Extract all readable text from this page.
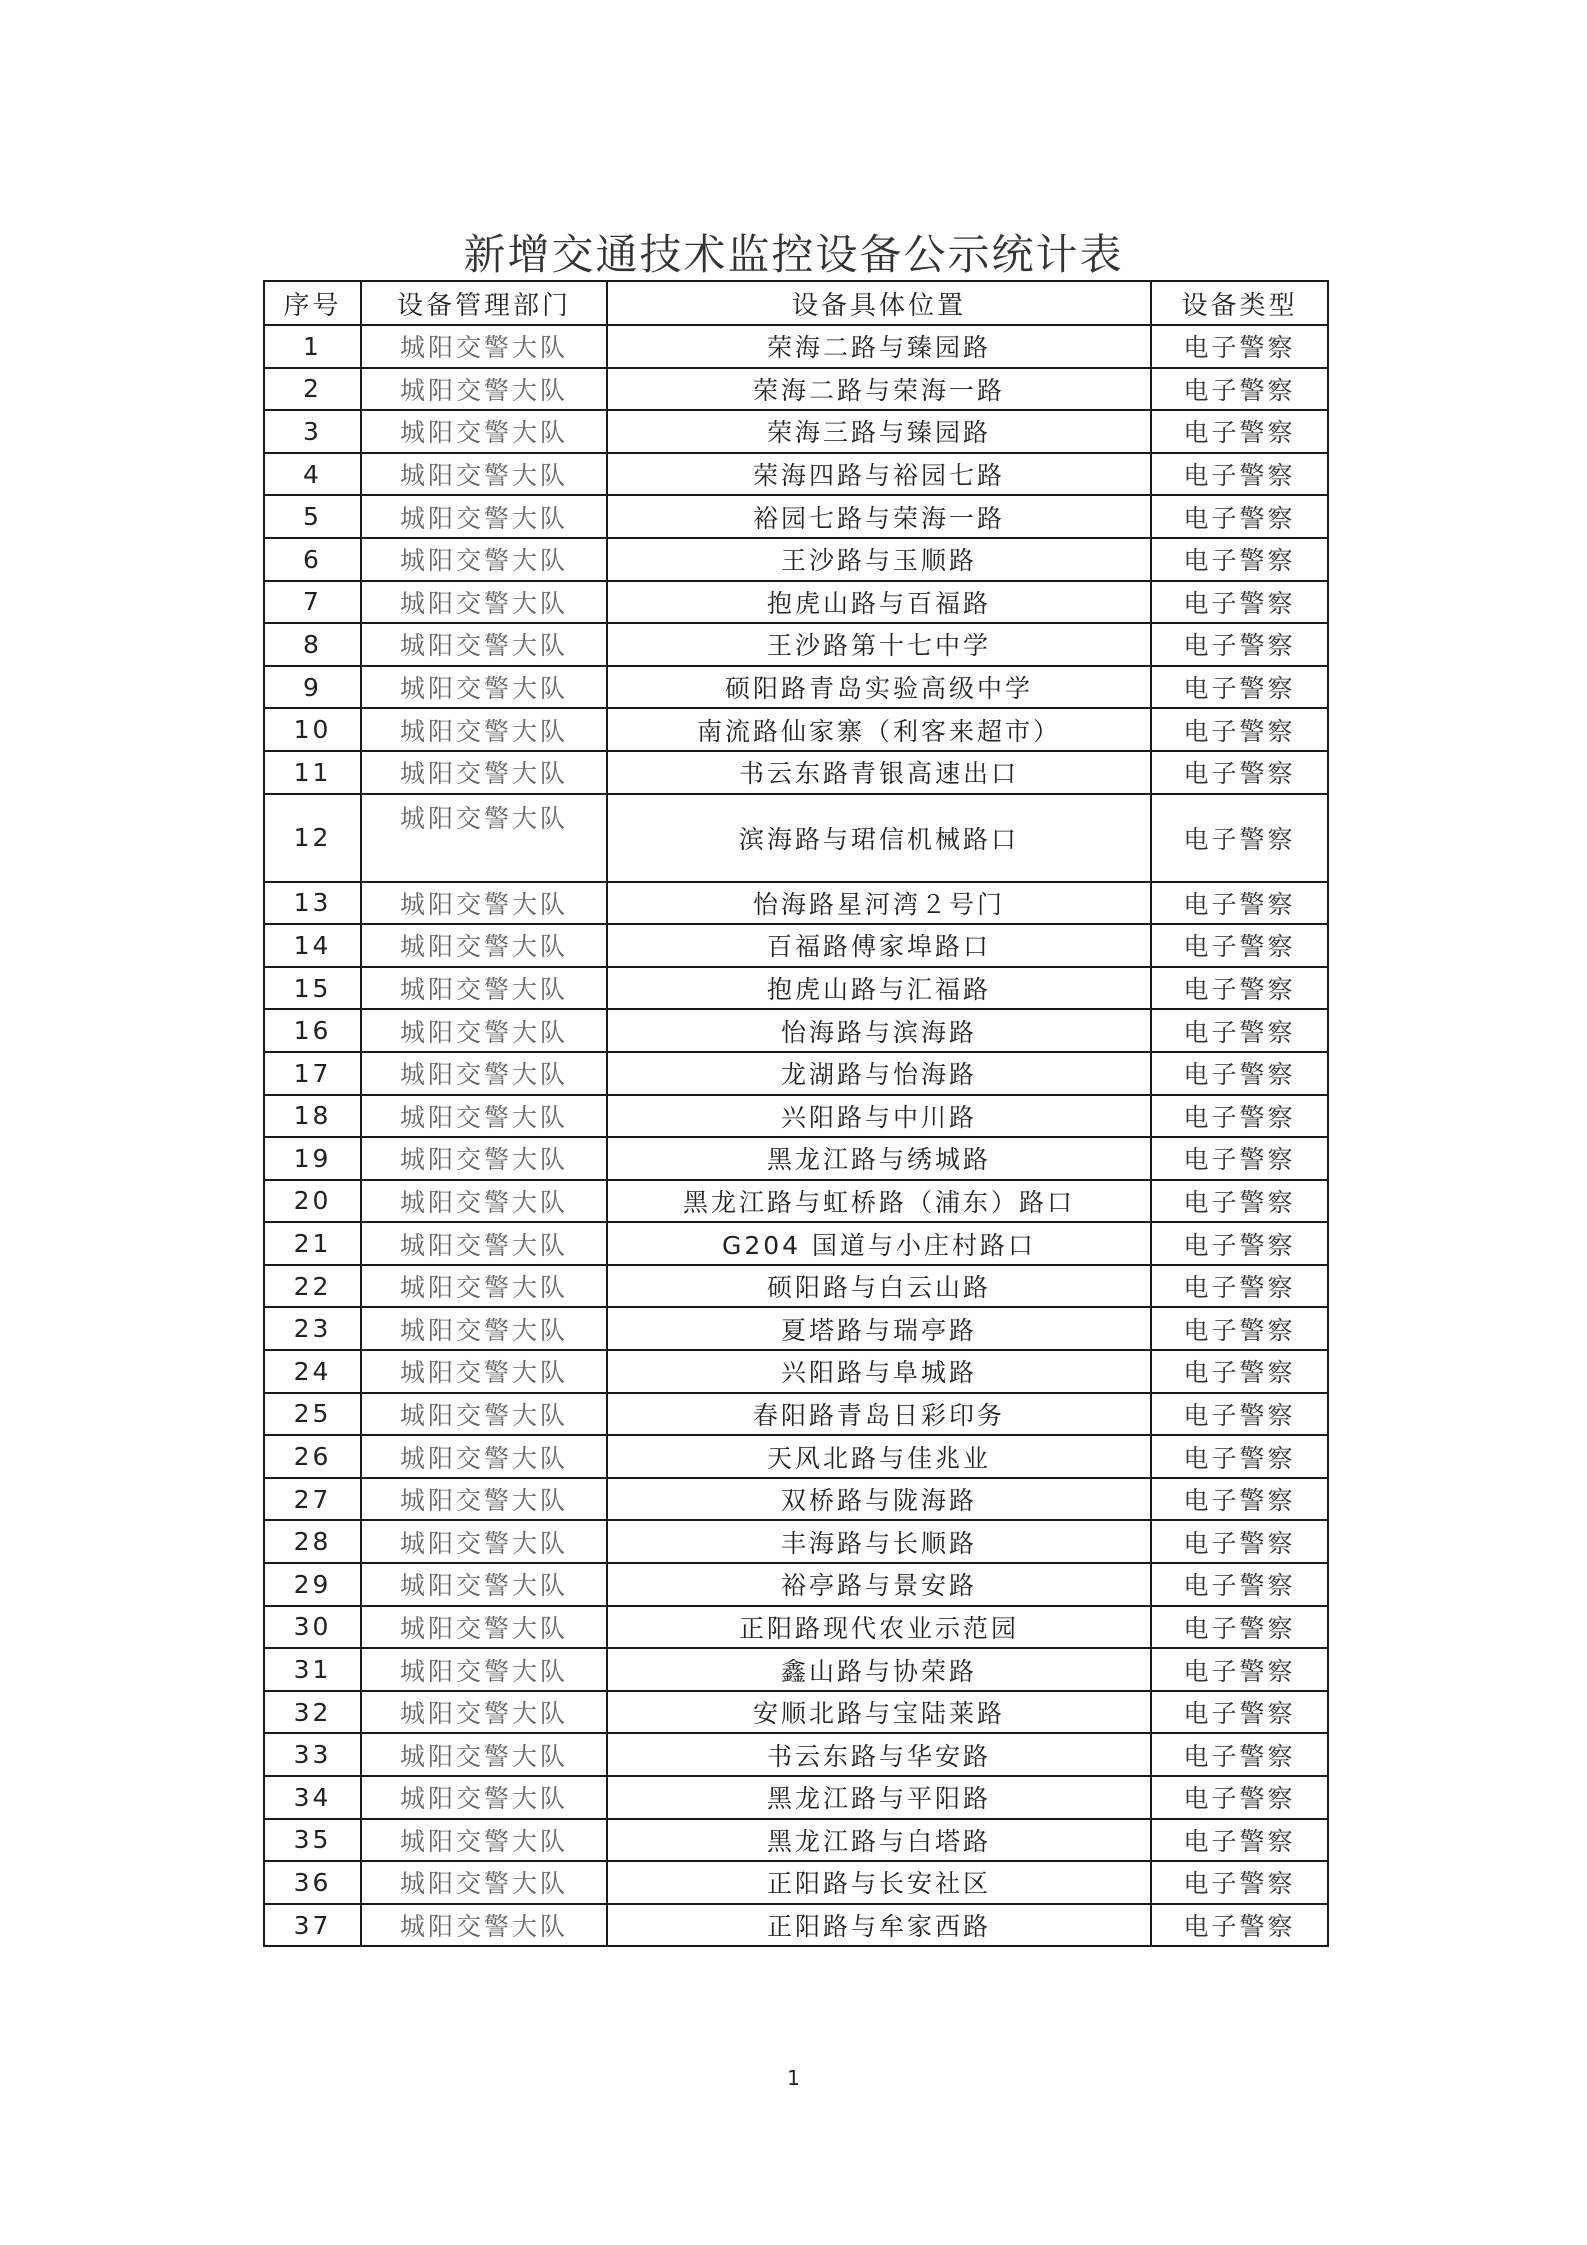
新增交通技术监控设备公示统计表
序号	设备管理部门	设备具体位置	设备类型
1	城阳交警大队	荣海二路与臻园路	电子警察
2	城阳交警大队	荣海二路与荣海一路	电子警察
3	城阳交警大队	荣海三路与臻园路	电子警察
4	城阳交警大队	荣海四路与裕园七路	电子警察
5	城阳交警大队	裕园七路与荣海一路	电子警察
6	城阳交警大队	王沙路与玉顺路	电子警察
7	城阳交警大队	抱虎山路与百福路	电子警察
8	城阳交警大队	王沙路第十七中学	电子警察
9	城阳交警大队	硕阳路青岛实验高级中学	电子警察
10	城阳交警大队	南流路仙家寨（利客来超市）	电子警察
11	城阳交警大队	书云东路青银高速出口	电子警察
12	城阳交警大队	滨海路与珺信机械路口	电子警察
13	城阳交警大队	怡海路星河湾２号门	电子警察
14	城阳交警大队	百福路傅家埠路口	电子警察
15	城阳交警大队	抱虎山路与汇福路	电子警察
16	城阳交警大队	怡海路与滨海路	电子警察
17	城阳交警大队	龙湖路与怡海路	电子警察
18	城阳交警大队	兴阳路与中川路	电子警察
19	城阳交警大队	黑龙江路与绣城路	电子警察
20	城阳交警大队	黑龙江路与虹桥路（浦东）路口	电子警察
21	城阳交警大队	G204 国道与小庄村路口	电子警察
22	城阳交警大队	硕阳路与白云山路	电子警察
23	城阳交警大队	夏塔路与瑞亭路	电子警察
24	城阳交警大队	兴阳路与阜城路	电子警察
25	城阳交警大队	春阳路青岛日彩印务	电子警察
26	城阳交警大队	天风北路与佳兆业	电子警察
27	城阳交警大队	双桥路与陇海路	电子警察
28	城阳交警大队	丰海路与长顺路	电子警察
29	城阳交警大队	裕亭路与景安路	电子警察
30	城阳交警大队	正阳路现代农业示范园	电子警察
31	城阳交警大队	鑫山路与协荣路	电子警察
32	城阳交警大队	安顺北路与宝陆莱路	电子警察
33	城阳交警大队	书云东路与华安路	电子警察
34	城阳交警大队	黑龙江路与平阳路	电子警察
35	城阳交警大队	黑龙江路与白塔路	电子警察
36	城阳交警大队	正阳路与长安社区	电子警察
37	城阳交警大队	正阳路与牟家西路	电子警察
1
